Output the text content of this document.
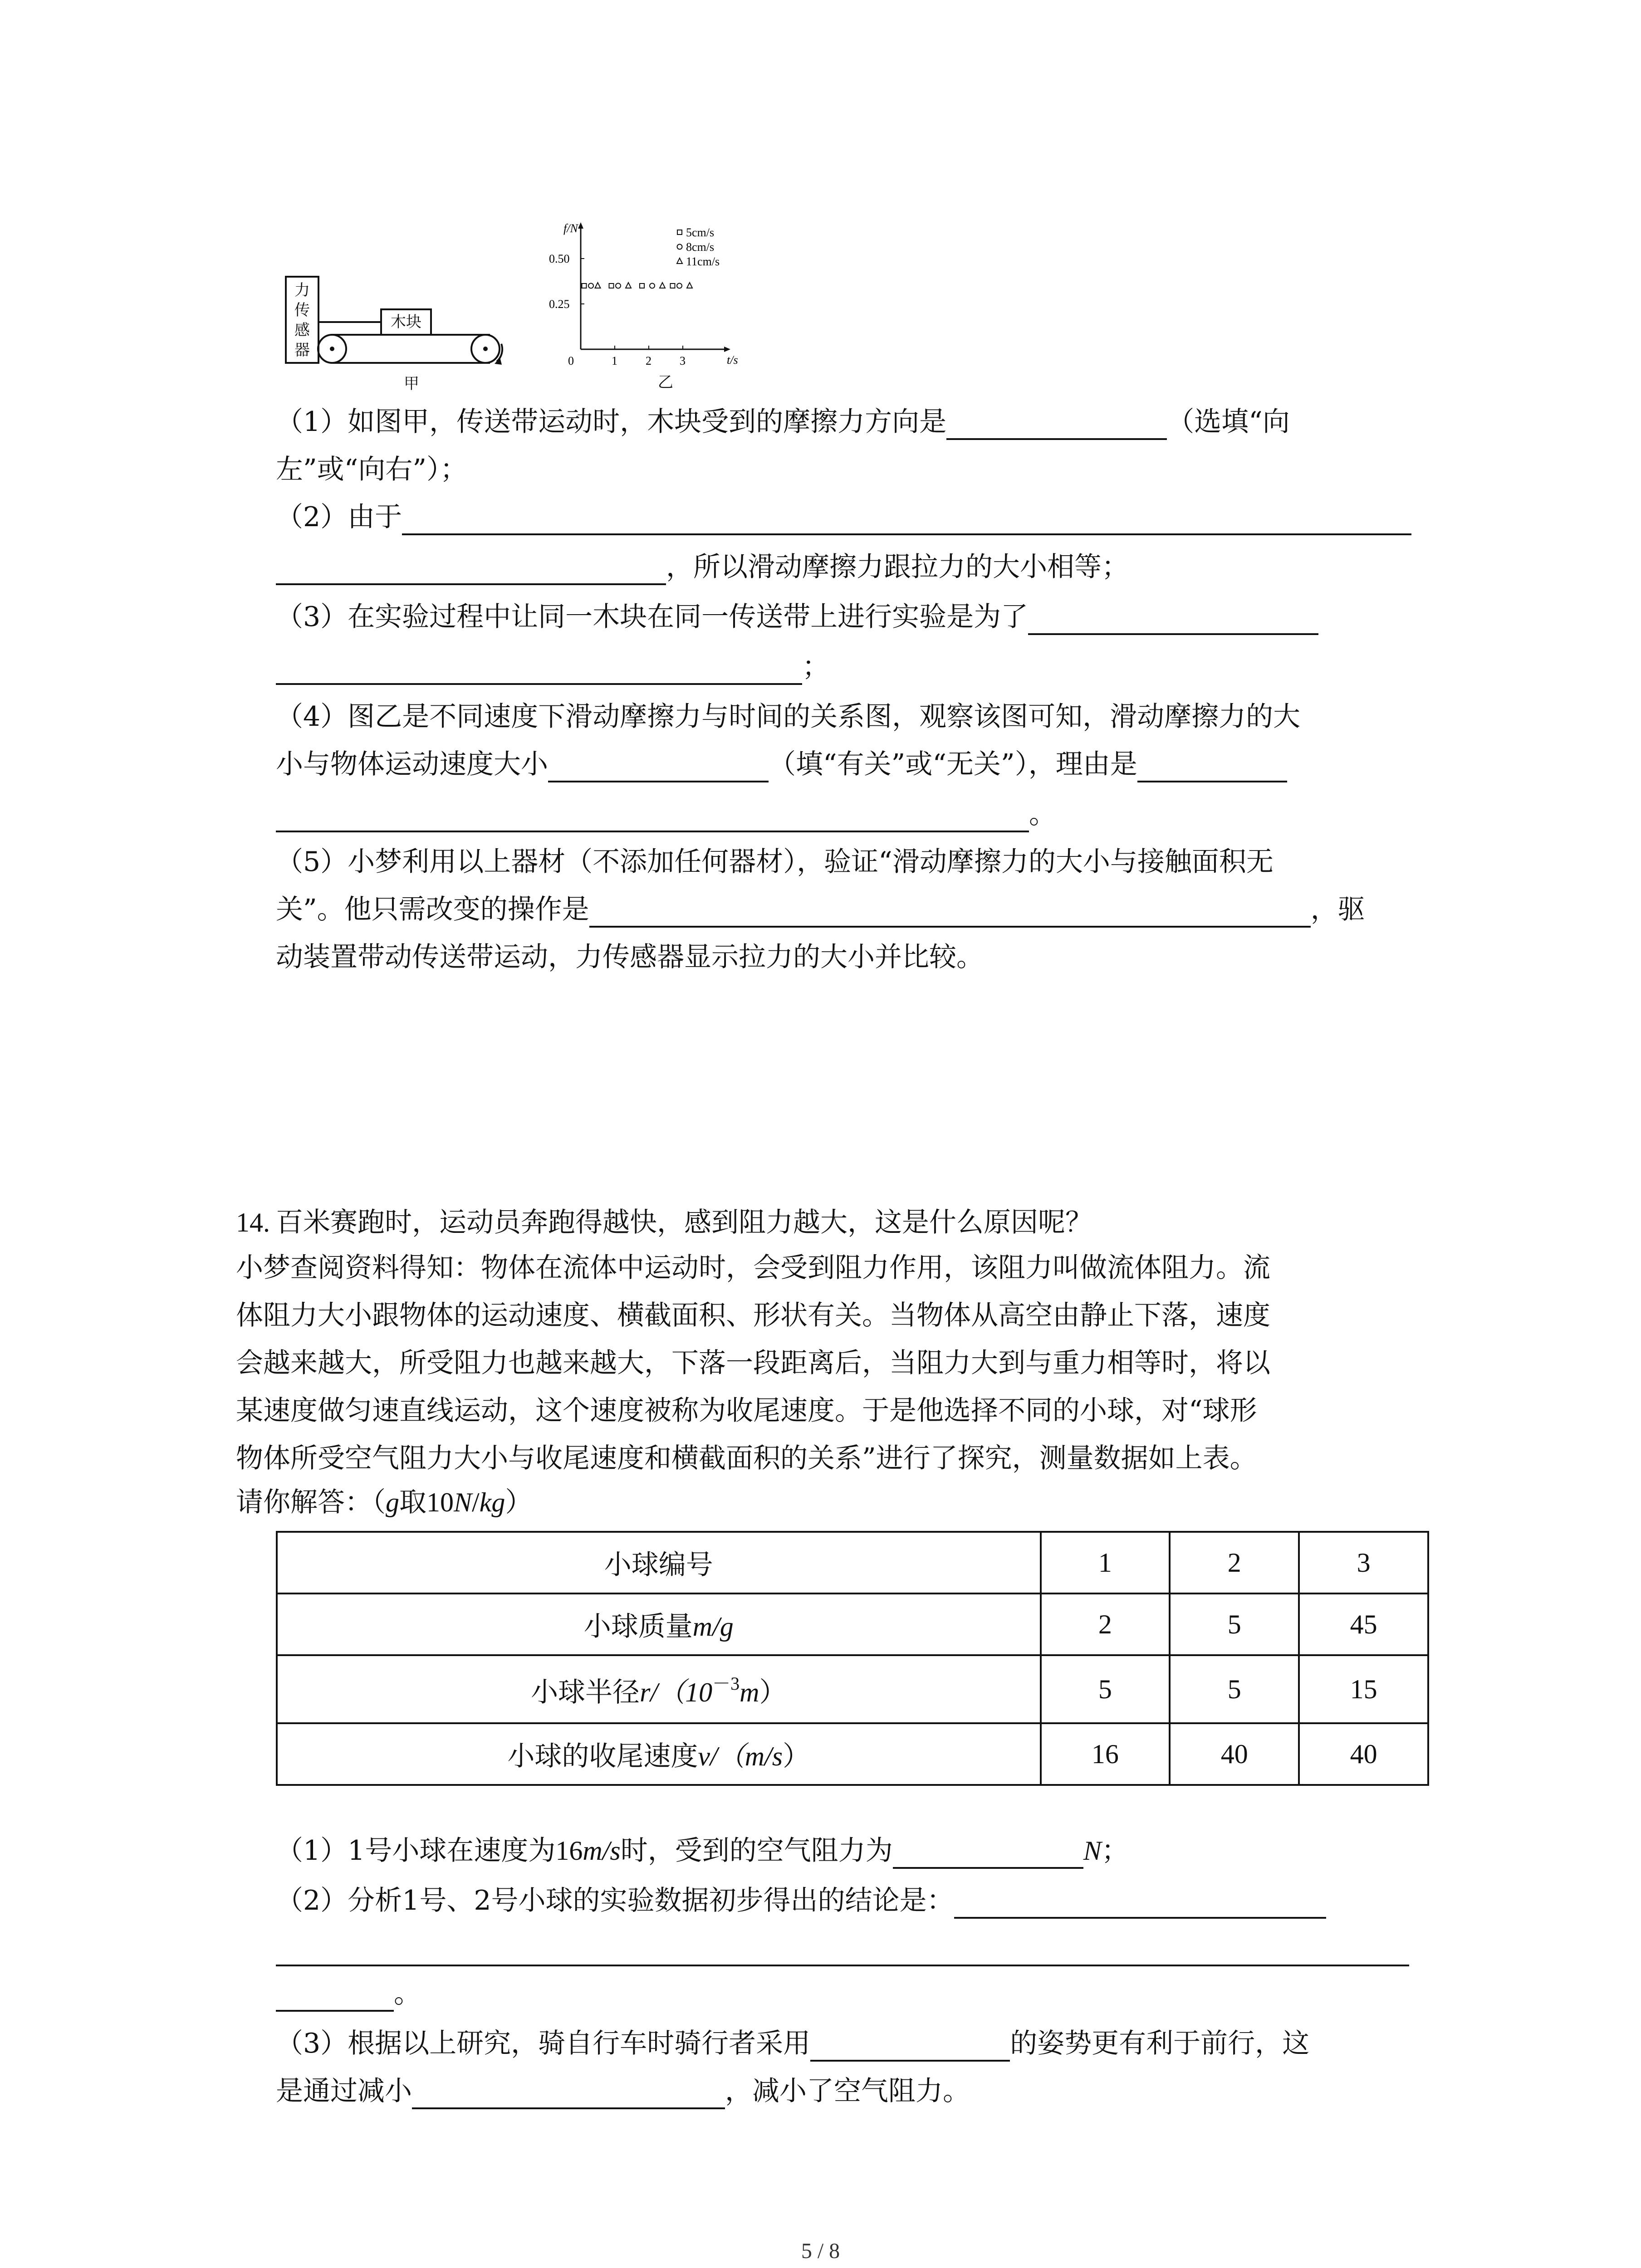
力传感器
木块
甲
f/N
t/s
0	1 2 3
0.50
0.25
5cm/s
8cm/s
11cm/s
乙
（1）如图甲，传送带运动时，木块受到的摩擦力方向是	（选填“向
左”或“向右”）；
（2）由于
，所以滑动摩擦力跟拉力的大小相等；
（3）在实验过程中让同一木块在同一传送带上进行实验是为了
；
（4）图乙是不同速度下滑动摩擦力与时间的关系图，观察该图可知，滑动摩擦力的大
小与物体运动速度大小	（填“有关”或“无关”），理由是
。
（5）小梦利用以上器材（不添加任何器材），验证“滑动摩擦力的大小与接触面积无
关”。他只需改变的操作是	，驱
动装置带动传送带运动，力传感器显示拉力的大小并比较。
14. 百米赛跑时，运动员奔跑得越快，感到阻力越大，这是什么原因呢？
小梦查阅资料得知：物体在流体中运动时，会受到阻力作用，该阻力叫做流体阻力。流
体阻力大小跟物体的运动速度、横截面积、形状有关。当物体从高空由静止下落，速度
会越来越大，所受阻力也越来越大，下落一段距离后，当阻力大到与重力相等时，将以
某速度做匀速直线运动，这个速度被称为收尾速度。于是他选择不同的小球，对“球形
物体所受空气阻力大小与收尾速度和横截面积的关系”进行了探究，测量数据如上表。
请你解答：（g取10N/kg）
小球编号	1	2	3
小球质量m/g	2	5	45
小球半径$r/(10^{-3}m)$	5	5	15
小球的收尾速度v/（m/s）	16	40	40
（1）1号小球在速度为16m/s时，受到的空气阻力为	N；
（2）分析1号、2号小球的实验数据初步得出的结论是：
。
（3）根据以上研究，骑自行车时骑行者采用	的姿势更有利于前行，这
是通过减小	，减小了空气阻力。
5 / 8
